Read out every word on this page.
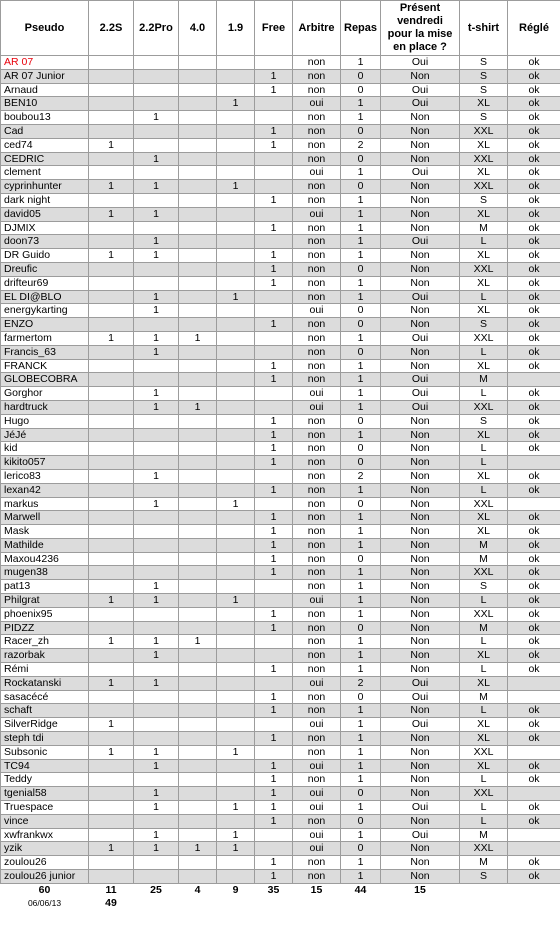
Pseudo	2.2S	2.2Pro	4.0	1.9	Free	Arbitre	Repas	Présent vendredi pour la mise en place ?	t-shirt	Réglé
AR 07						non	1	Oui	S	ok
AR 07 Junior					1	non	0	Non	S	ok
Arnaud					1	non	0	Oui	S	ok
BEN10				1		oui	1	Oui	XL	ok
boubou13		1				non	1	Non	S	ok
Cad					1	non	0	Non	XXL	ok
ced74	1				1	non	2	Non	XL	ok
CEDRIC		1				non	0	Non	XXL	ok
clement						oui	1	Oui	XL	ok
cyprinhunter	1	1		1		non	0	Non	XXL	ok
dark night					1	non	1	Non	S	ok
david05	1	1				oui	1	Non	XL	ok
DJMIX					1	non	1	Non	M	ok
doon73		1				non	1	Oui	L	ok
DR Guido	1	1			1	non	1	Non	XL	ok
Dreufic					1	non	0	Non	XXL	ok
drifteur69					1	non	1	Non	XL	ok
EL DI@BLO		1		1		non	1	Oui	L	ok
energykarting		1				oui	0	Non	XL	ok
ENZO					1	non	0	Non	S	ok
farmertom	1	1	1			non	1	Oui	XXL	ok
Francis_63		1				non	0	Non	L	ok
FRANCK					1	non	1	Non	XL	ok
GLOBECOBRA					1	non	1	Oui	M	
Gorghor		1				oui	1	Oui	L	ok
hardtruck		1	1			oui	1	Oui	XXL	ok
Hugo					1	non	0	Non	S	ok
JéJé					1	non	1	Non	XL	ok
kid					1	non	0	Non	L	ok
kikito057					1	non	0	Non	L	
lerico83		1				non	2	Non	XL	ok
lexan42					1	non	1	Non	L	ok
markus		1		1		non	0	Non	XXL	
Marwell					1	non	1	Non	XL	ok
Mask					1	non	1	Non	XL	ok
Mathilde					1	non	1	Non	M	ok
Maxou4236					1	non	0	Non	M	ok
mugen38					1	non	1	Non	XXL	ok
pat13		1				non	1	Non	S	ok
Philgrat	1	1		1		oui	1	Non	L	ok
phoenix95					1	non	1	Non	XXL	ok
PIDZZ					1	non	0	Non	M	ok
Racer_zh	1	1	1			non	1	Non	L	ok
razorbak		1				non	1	Non	XL	ok
Rémi					1	non	1	Non	L	ok
Rockatanski	1	1				oui	2	Oui	XL	
sasacécé					1	non	0	Oui	M	
schaft					1	non	1	Non	L	ok
SilverRidge	1					oui	1	Oui	XL	ok
steph tdi					1	non	1	Non	XL	ok
Subsonic	1	1		1		non	1	Non	XXL	
TC94		1			1	oui	1	Non	XL	ok
Teddy					1	non	1	Non	L	ok
tgenial58		1			1	oui	0	Non	XXL	
Truespace		1		1	1	oui	1	Oui	L	ok
vince					1	non	0	Non	L	ok
xwfrankwx		1		1		oui	1	Oui	M	
yzik	1	1	1	1		oui	0	Non	XXL	
zoulou26					1	non	1	Non	M	ok
zoulou26 junior					1	non	1	Non	S	ok
60	11	25	4	9	35	15	44	15		
06/06/13	49									
